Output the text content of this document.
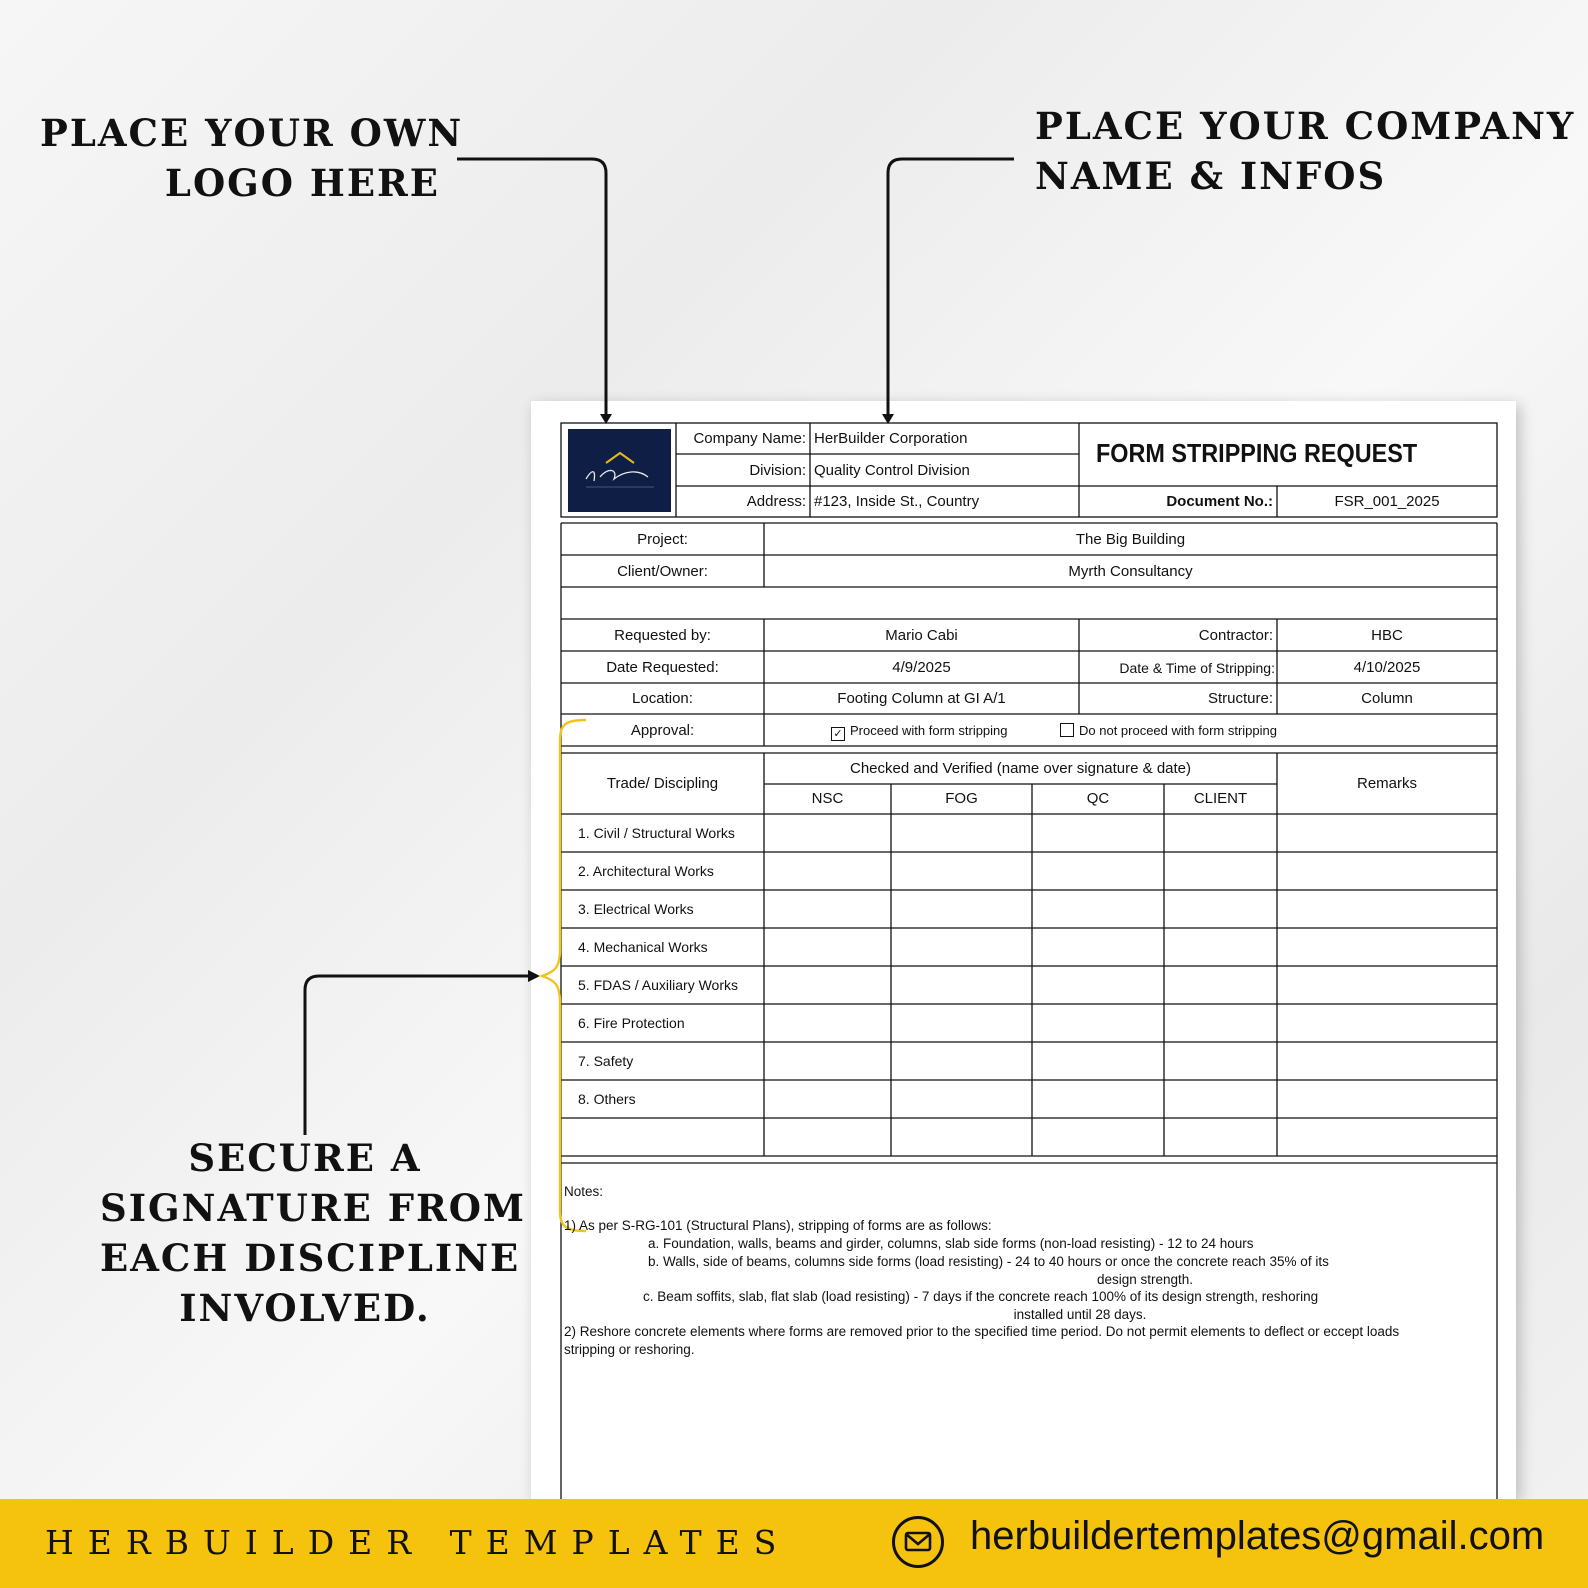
PLACE YOUR OWN
LOGO HERE
PLACE YOUR COMPANY
NAME & INFOS
SECURE A
SIGNATURE FROM
EACH DISCIPLINE
INVOLVED.
Company Name: HerBuilder Corporation
Division: Quality Control Division
Address: #123, Inside St., Country
FORM STRIPPING REQUEST
Document No.:	FSR_001_2025
Project:	The Big Building
Client/Owner:	Myrth Consultancy
Requested by:	Mario Cabi	Contractor:	HBC
Date Requested:	4/9/2025	Date & Time of Stripping:	4/10/2025
Location:	Footing Column at GI A/1	Structure:	Column
Approval:	✓ Proceed with form stripping	Do not proceed with form stripping
Trade/ Discipling
Checked and Verified (name over signature & date)
Remarks
NSC	FOG	QC	CLIENT
1. Civil / Structural Works
2. Architectural Works
3. Electrical Works
4. Mechanical Works
5. FDAS / Auxiliary Works
6. Fire Protection
7. Safety
8. Others
Notes:
1) As per S-RG-101 (Structural Plans), stripping of forms are as follows:
a. Foundation, walls, beams and girder, columns, slab side forms (non-load resisting) - 12 to 24 hours
b. Walls, side of beams, columns side forms (load resisting) - 24 to 40 hours or once the concrete reach 35% of its
design strength.
c. Beam soffits, slab, flat slab (load resisting) - 7 days if the concrete reach 100% of its design strength, reshoring
installed until 28 days.
2) Reshore concrete elements where forms are removed prior to the specified time period. Do not permit elements to deflect or eccept loads
stripping or reshoring.
HERBUILDER TEMPLATES	herbuildertemplates@gmail.com
